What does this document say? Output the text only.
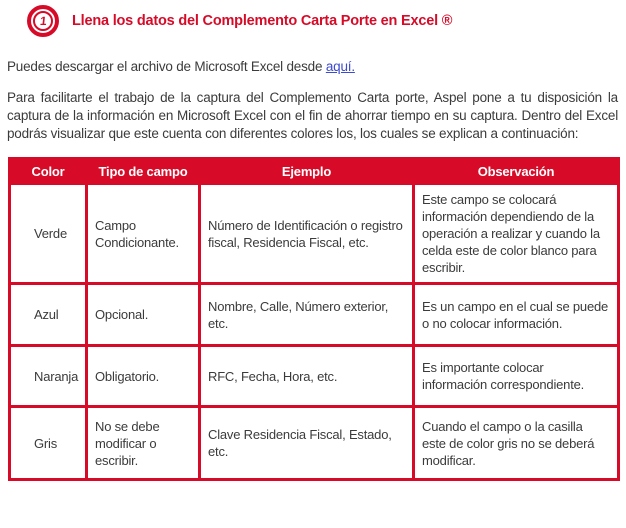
1 Llena los datos del Complemento Carta Porte en Excel ®

Puedes descargar el archivo de Microsoft Excel desde aquí.

Para facilitarte el trabajo de la captura del Complemento Carta porte, Aspel pone a tu disposición la captura de la información en Microsoft Excel con el fin de ahorrar tiempo en su captura. Dentro del Excel podrás visualizar que este cuenta con diferentes colores los, los cuales se explican a continuación:

Color	Tipo de campo	Ejemplo	Observación
Verde	Campo Condicionante.	Número de Identificación o registro fiscal, Residencia Fiscal, etc.	Este campo se colocará información dependiendo de la operación a realizar y cuando la celda este de color blanco para escribir.
Azul	Opcional.	Nombre, Calle, Número exterior, etc.	Es un campo en el cual se puede o no colocar información.
Naranja	Obligatorio.	RFC, Fecha, Hora, etc.	Es importante colocar información correspondiente.
Gris	No se debe modificar o escribir.	Clave Residencia Fiscal, Estado, etc.	Cuando el campo o la casilla este de color gris no se deberá modificar.
